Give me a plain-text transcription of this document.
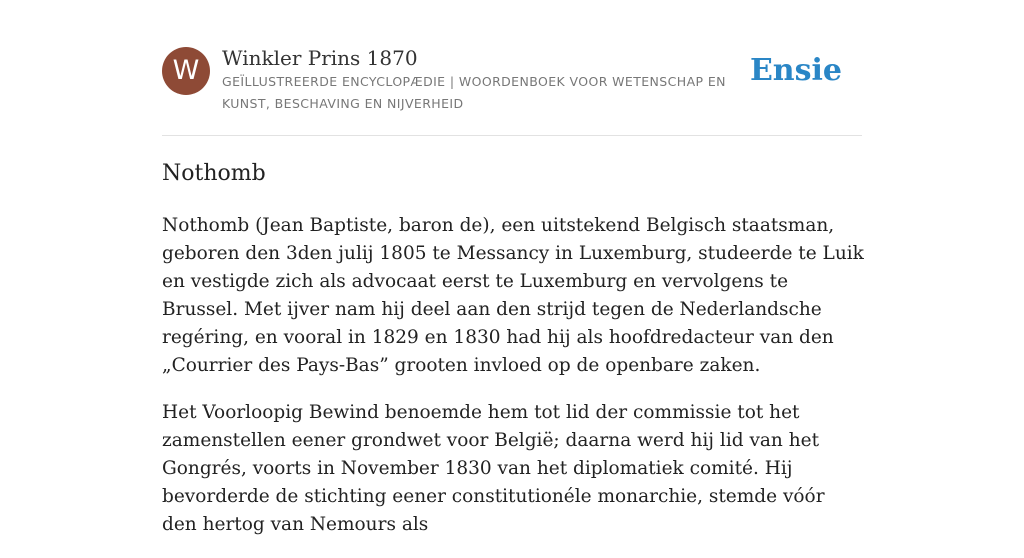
W	Winkler Prins 1870
GEÏLLUSTREERDE ENCYCLOPÆDIE | WOORDENBOEK VOOR WETENSCHAP EN KUNST, BESCHAVING EN NIJVERHEID
Ensie
Nothomb

Nothomb (Jean Baptiste, baron de), een uitstekend Belgisch staatsman, geboren den 3den julij 1805 te Messancy in Luxemburg, studeerde te Luik en vestigde zich als advocaat eerst te Luxemburg en vervolgens te Brussel. Met ijver nam hij deel aan den strijd tegen de Nederlandsche regéring, en vooral in 1829 en 1830 had hij als hoofdredacteur van den „Courrier des Pays-Bas” grooten invloed op de openbare zaken.

Het Voorloopig Bewind benoemde hem tot lid der commissie tot het zamenstellen eener grondwet voor België; daarna werd hij lid van het Gongrés, voorts in November 1830 van het diplomatiek comité. Hij bevorderde de stichting eener constitutionéle monarchie, stemde vóór den hertog van Nemours als
